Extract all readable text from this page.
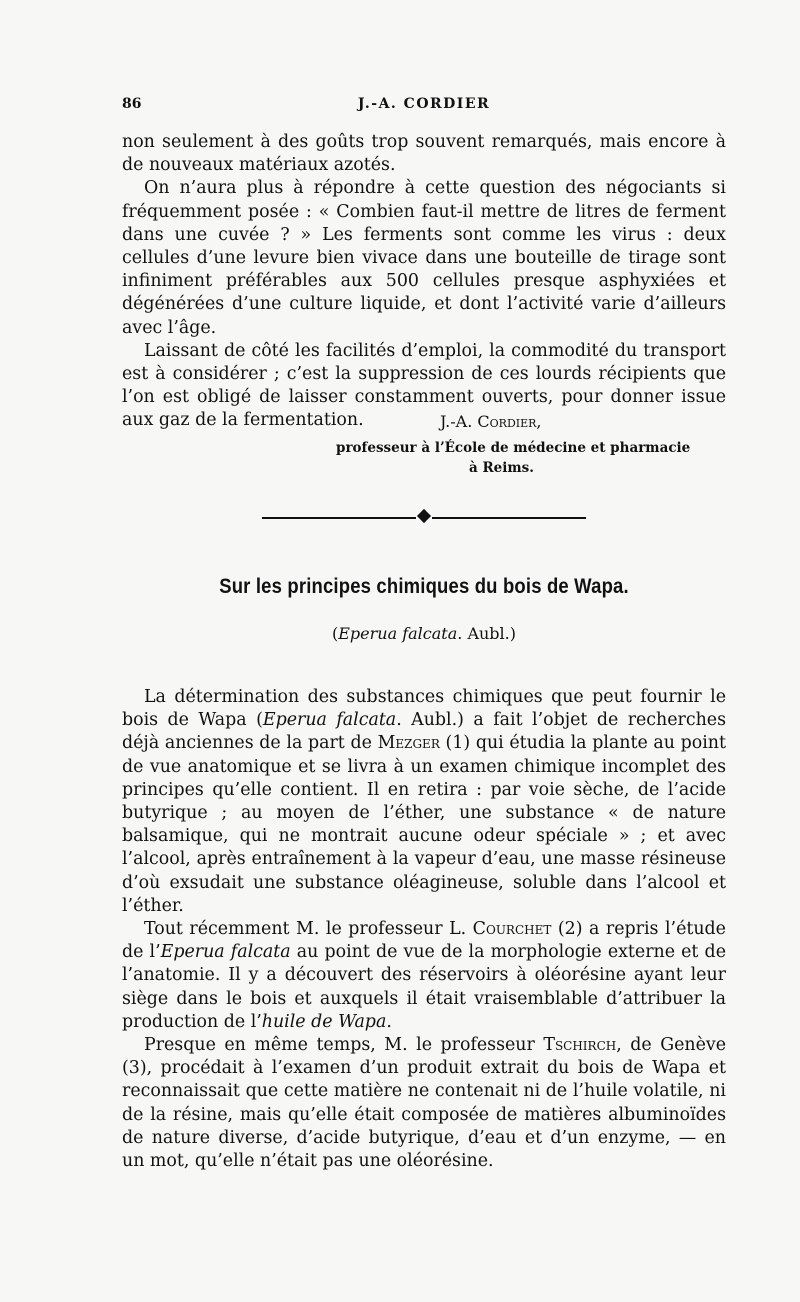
86	J.-A. CORDIER

non seulement à des goûts trop souvent remarqués, mais encore à de nouveaux matériaux azotés.

On n’aura plus à répondre à cette question des négociants si fréquemment posée : « Combien faut-il mettre de litres de ferment dans une cuvée ? » Les ferments sont comme les virus : deux cellules d’une levure bien vivace dans une bouteille de tirage sont infiniment préférables aux 500 cellules presque asphyxiées et dégénérées d’une culture liquide, et dont l’activité varie d’ailleurs avec l’âge.

Laissant de côté les facilités d’emploi, la commodité du transport est à considérer ; c’est la suppression de ces lourds récipients que l’on est obligé de laisser constamment ouverts, pour donner issue aux gaz de la fermentation.	J.-A. Cordier,
professeur à l’École de médecine et pharmacie
à Reims.
Sur les principes chimiques du bois de Wapa.
(Eperua falcata. Aubl.)

La détermination des substances chimiques que peut fournir le bois de Wapa (Eperua falcata. Aubl.) a fait l’objet de recherches déjà anciennes de la part de Mezger (1) qui étudia la plante au point de vue anatomique et se livra à un examen chimique incomplet des principes qu’elle contient. Il en retira : par voie sèche, de l’acide butyrique ; au moyen de l’éther, une substance « de nature balsamique, qui ne montrait aucune odeur spéciale » ; et avec l’alcool, après entraînement à la vapeur d’eau, une masse résineuse d’où exsudait une substance oléagineuse, soluble dans l’alcool et l’éther.

Tout récemment M. le professeur L. Courchet (2) a repris l’étude de l’Eperua falcata au point de vue de la morphologie externe et de l’anatomie. Il y a découvert des réservoirs à oléorésine ayant leur siège dans le bois et auxquels il était vraisemblable d’attribuer la production de l’huile de Wapa.

Presque en même temps, M. le professeur Tschirch, de Genève (3), procédait à l’examen d’un produit extrait du bois de Wapa et reconnaissait que cette matière ne contenait ni de l’huile volatile, ni de la résine, mais qu’elle était composée de matières albuminoïdes de nature diverse, d’acide butyrique, d’eau et d’un enzyme, — en un mot, qu’elle n’était pas une oléorésine.
